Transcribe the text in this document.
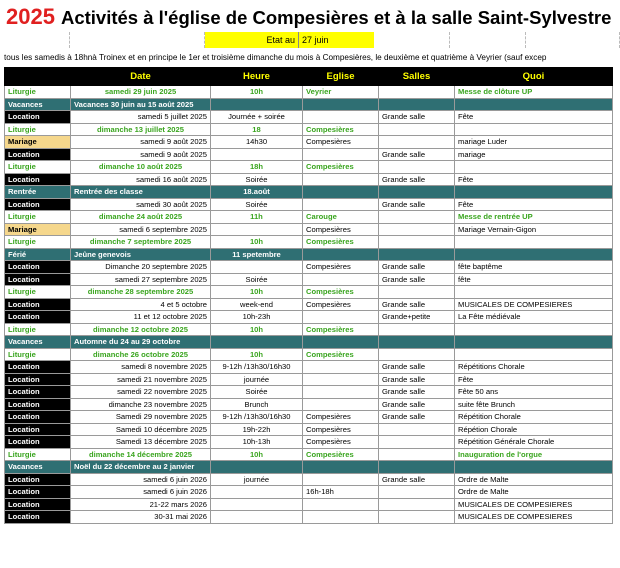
2025 Activités à l'église de Compesières et à la salle Saint-Sylvestre
Etat au 27 juin
tous les samedis à 18hnà Troinex et en principe le 1er et troisième dimanche du mois à Compesières, le deuxième et quatrième à Veyrier (sauf excep
	Date	Heure	Eglise	Salles	Quoi
Liturgie	samedi 29 juin 2025	10h	Veyrier		Messe de clôture UP
Vacances	Vacances 30 juin au 15 août 2025				
Location	samedi 5 juillet 2025	Journée + soirée		Grande salle	Fête
Liturgie	dimanche 13 juillet 2025	18	Compesières		
Mariage	samedi 9 août 2025	14h30	Compesières		mariage Luder
Location	samedi 9 août 2025			Grande salle	mariage
Liturgie	dimanche 10 août 2025	18h	Compesières		
Location	samedi 16 août 2025	Soirée		Grande salle	Fête
Rentrée	Rentrée des classe	18.août			
Location	samedi 30 août 2025	Soirée		Grande salle	Fête
Liturgie	dimanche 24 août 2025	11h	Carouge		Messe de rentrée UP
Mariage	samedi 6 septembre 2025		Compesières		Mariage Vernain-Gigon
Liturgie	dimanche 7 septembre 2025	10h	Compesières		
Férié	Jeûne genevois	11 spetembre			
Location	Dimanche 20 septembre 2025		Compesières	Grande salle	fête baptême
Location	samedi 27 septembre 2025	Soirée		Grande salle	fête
Liturgie	dimanche 28 septembre 2025	10h	Compesières		
Location	4 et 5 octobre	week-end	Compesières	Grande salle	MUSICALES DE COMPESIERES
Location	11 et 12 octobre 2025	10h-23h		Grande+petite	La Fête médiévale
Liturgie	dimanche 12 octobre 2025	10h	Compesières		
Vacances	Automne du 24 au 29 octobre				
Liturgie	dimanche 26 octobre 2025	10h	Compesières		
Location	samedi 8 novembre 2025	9-12h /13h30/16h30		Grande salle	Répétitions Chorale
Location	samedi 21 novembre 2025	journée		Grande salle	Fête
Location	samedi 22 novembre 2025	Soirée		Grande salle	Fête 50 ans
Location	dimanche 23 novembre 2025	Brunch		Grande salle	suite fête Brunch
Location	Samedi 29 novembre 2025	9-12h /13h30/16h30	Compesières	Grande salle	Répétition Chorale
Location	Samedi 10 décembre 2025	19h-22h	Compesières		Répétion Chorale
Location	Samedi 13 décembre 2025	10h-13h	Compesières		Répétition Générale Chorale
Liturgie	dimanche 14 décembre 2025	10h	Compesières		Inauguration de l'orgue
Vacances	Noël du 22 décembre au 2 janvier				
Location	samedi 6 juin 2026	journée		Grande salle	Ordre de Malte
Location	samedi 6 juin 2026		16h-18h		Ordre de Malte
Location	21-22 mars 2026				MUSICALES DE COMPESIERES
Location	30-31 mai 2026				MUSICALES DE COMPESIERES
